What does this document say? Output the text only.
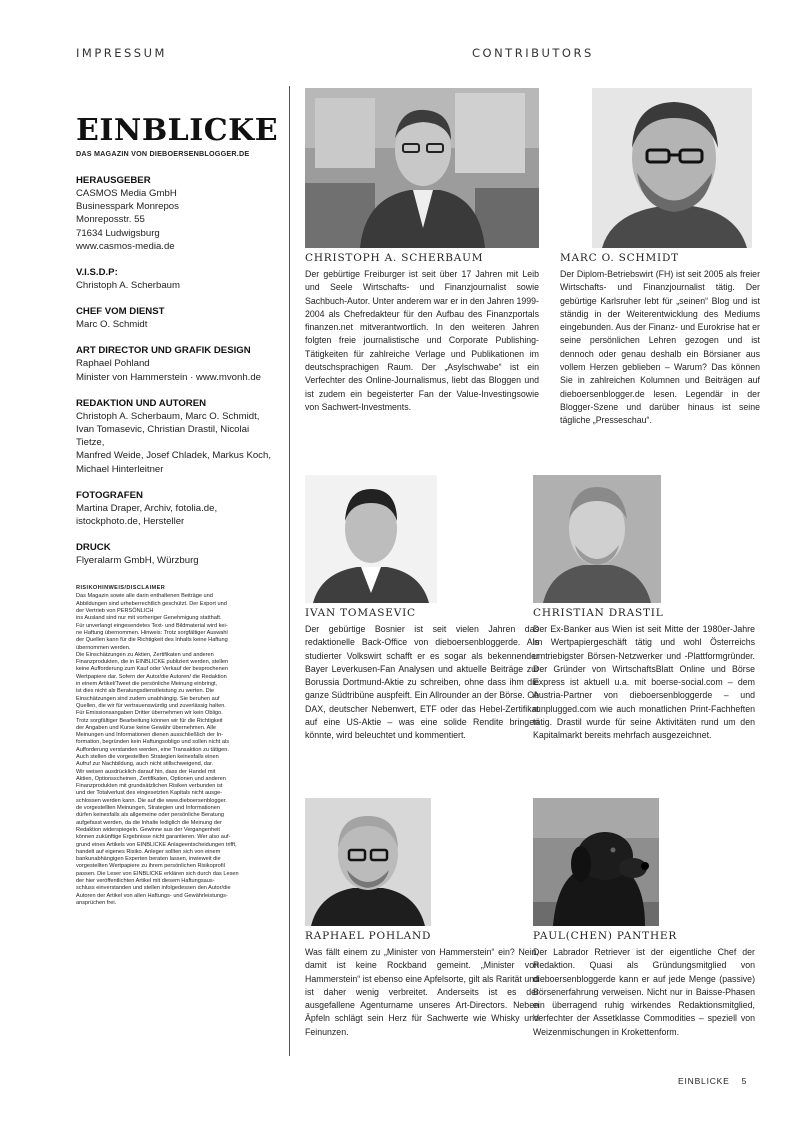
IMPRESSUM	CONTRIBUTORS
EINBLICKE
DAS MAGAZIN VON DIEBOERSENBLOGGER.DE
HERAUSGEBER
CASMOS Media GmbH
Businesspark Monrepos
Monreposstr. 55
71634 Ludwigsburg
www.casmos-media.de
V.I.S.D.P:
Christoph A. Scherbaum
CHEF VOM DIENST
Marc O. Schmidt
ART DIRECTOR UND GRAFIK DESIGN
Raphael Pohland
Minister von Hammerstein · www.mvonh.de
REDAKTION UND AUTOREN
Christoph A. Scherbaum, Marc O. Schmidt,
Ivan Tomasevic, Christian Drastil, Nicolai Tietze,
Manfred Weide, Josef Chladek, Markus Koch,
Michael Hinterleitner
FOTOGRAFEN
Martina Draper, Archiv, fotolia.de,
istockphoto.de, Hersteller
DRUCK
Flyeralarm GmbH, Würzburg
RISIKOHINWEIS/DISCLAIMER
Das Magazin sowie alle darin enthaltenen Beiträge und
Abbildungen sind urheberrechtlich geschützt. Der Export und
der Vertrieb von PERSÖNLICH
ins Ausland sind nur mit vorheriger Genehmigung statthaft.
Für unverlangt eingesendetes Text- und Bildmaterial wird kei-
ne Haftung übernommen. Hinweis: Trotz sorgfältiger Auswahl
der Quellen kann für die Richtigkeit des Inhalts keine Haftung
übernommen werden.
Die Einschätzungen zu Aktien, Zertifikaten und anderen
Finanzprodukten, die in EINBLICKE publiziert werden, stellen
keine Aufforderung zum Kauf oder Verkauf der besprochenen
Wertpapiere dar. Sofern der Autor/die Autoren/ die Redaktion
in einem Artikel/Tweet die persönliche Meinung einbringt,
ist dies nicht als Beratungsdienstleistung zu werten. Die
Einschätzungen sind zudem unabhängig. Sie beruhen auf
Quellen, die wir für vertrauenswürdig und zuverlässig halten.
Für Emissionsangaben Dritter übernehmen wir kein Obligo.
Trotz sorgfältiger Bearbeitung können wir für die Richtigkeit
der Angaben und Kurse keine Gewähr übernehmen. Alle
Meinungen und Informationen dienen ausschließlich der In-
formation, begründen kein Haftungsobligo und sollen nicht als
Aufforderung verstanden werden, eine Transaktion zu tätigen.
Auch stellen die vorgestellten Strategien keinesfalls einen
Aufruf zur Nachbildung, auch nicht stillschweigend, dar.
Wir weisen ausdrücklich darauf hin, dass der Handel mit
Aktien, Optionsscheinen, Zertifikaten, Optionen und anderen
Finanzprodukten mit grundsätzlichen Risiken verbunden ist
und der Totalverlust des eingesetzten Kapitals nicht ausge-
schlossen werden kann. Die auf die www.dieboersenblogger.
de vorgestellten Meinungen, Strategien und Informationen
dürfen keinesfalls als allgemeine oder persönliche Beratung
aufgefasst werden, da die Inhalte lediglich die Meinung der
Redaktion widerspiegeln. Gewinne aus der Vergangenheit
können zukünftige Ergebnisse nicht garantieren. Wer also auf-
grund eines Artikels von EINBLICKE Anlageentscheidungen trifft,
handelt auf eigenes Risiko. Anleger sollten sich von einem
bankunabhängigen Experten beraten lassen, inwieweit die
vorgestellten Wertpapiere zu ihrem persönlichen Risikoprofil
passen. Die Leser von EINBLICKE erklären sich durch das Lesen
der hier veröffentlichten Artikel mit diesem Haftungsaus-
schluss einverstanden und stellen infolgedessen den Autor/die
Autoren der Artikel von allen Haftungs- und Gewährleistungs-
ansprüchen frei.
CHRISTOPH A. SCHERBAUM
Der gebürtige Freiburger ist seit über 17 Jahren mit Leib und Seele Wirtschafts- und Finanzjournalist sowie Sachbuch-Autor. Unter anderem war er in den Jahren 1999-2004 als Chefredakteur für den Aufbau des Finanzportals finanzen.net mitverantwortlich. In den weiteren Jahren folgten freie journalistische und Corporate Publishing-Tätigkeiten für zahlreiche Verlage und Publikationen im deutschsprachigen Raum. Der „Asylschwabe“ ist ein Verfechter des Online-Journalismus, liebt das Bloggen und ist zudem ein begeisterter Fan der Value-Investingsowie von Sachwert-Investments.
MARC O. SCHMIDT
Der Diplom-Betriebswirt (FH) ist seit 2005 als freier Wirtschafts- und Finanzjournalist tätig. Der gebürtige Karlsruher lebt für „seinen“ Blog und ist ständig in der Weiterentwicklung des Mediums eingebunden. Aus der Finanz- und Eurokrise hat er seine persönlichen Lehren gezogen und ist dennoch oder genau deshalb ein Börsianer aus vollem Herzen geblieben – Warum? Das können Sie in zahlreichen Kolumnen und Beiträgen auf dieboersenblogger.de lesen. Legendär in der Blogger-Szene und darüber hinaus ist seine tägliche „Presseschau“.
IVAN TOMASEVIC
Der gebürtige Bosnier ist seit vielen Jahren das redaktionelle Back-Office von dieboersenbloggerde. Als studierter Volkswirt schafft er es sogar als bekennender Bayer Leverkusen-Fan Analysen und aktuelle Beiträge zur Borussia Dortmund-Aktie zu schreiben, ohne dass ihm die ganze Südtribüne auspfeift. Ein Allrounder an der Börse. Ob DAX, deutscher Nebenwert, ETF oder das Hebel-Zertifikat auf eine US-Aktie – was eine solide Rendite bringen könnte, wird beleuchtet und kommentiert.
CHRISTIAN DRASTIL
Der Ex-Banker aus Wien ist seit Mitte der 1980er-Jahre im Wertpapiergeschäft tätig und wohl Österreichs umtriebigster Börsen-Netzwerker und -Plattformgründer. Der Gründer von WirtschaftsBlatt Online und Börse Express ist aktuell u.a. mit boerse-social.com – dem Austria-Partner von dieboersenbloggerde – und runplugged.com wie auch monatlichen Print-Fachheften tätig. Drastil wurde für seine Aktivitäten rund um den Kapitalmarkt bereits mehrfach ausgezeichnet.
RAPHAEL POHLAND
Was fällt einem zu „Minister von Hammerstein“ ein? Nein, damit ist keine Rockband gemeint. „Minister von Hammerstein“ ist ebenso eine Apfelsorte, gilt als Rarität und ist daher wenig verbreitet. Anderseits ist es der ausgefallene Agenturname unseres Art-Directors. Neben Äpfeln schlägt sein Herz für Sachwerte wie Whisky und Feinunzen.
PAUL(CHEN) PANTHER
Der Labrador Retriever ist der eigentliche Chef der Redaktion. Quasi als Gründungsmitglied von dieboersenbloggerde kann er auf jede Menge (passive) Börsenerfahrung verweisen. Nicht nur in Baisse-Phasen ein überragend ruhig wirkendes Redaktionsmitglied, Verfechter der Assetklasse Commodities – speziell von Weizenmischungen in Krokettenform.
EINBLICKE 5
